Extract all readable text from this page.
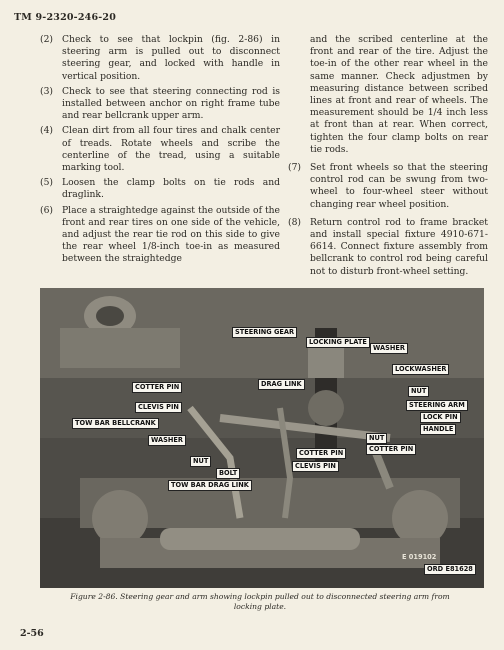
TM 9-2320-246-20
(2) Check to see that lockpin (fig. 2-86) in steering arm is pulled out to disconnect steering gear, and locked with handle in vertical position.
(3) Check to see that steering connecting rod is installed between anchor on right frame tube and rear bellcrank upper arm.
(4) Clean dirt from all four tires and chalk center of treads. Rotate wheels and scribe the centerline of the tread, using a suitable marking tool.
(5) Loosen the clamp bolts on tie rods and draglink.
(6) Place a straightedge against the outside of the front and rear tires on one side of the vehicle, and adjust the rear tie rod on this side to give the rear wheel 1/8-inch toe-in as measured between the straightedge
and the scribed centerline at the front and rear of the tire. Adjust the toe-in of the other rear wheel in the same manner. Check adjustmen by measuring distance between scribed lines at front and rear of wheels. The measurement should be 1/4 inch less at front than at rear. When correct, tighten the four clamp bolts on rear tie rods.
(7) Set front wheels so that the steering control rod can be swung from two-wheel to four-wheel steer without changing rear wheel position.
(8) Return control rod to frame bracket and install special fixture 4910-671-6614. Connect fixture assembly from bellcrank to control rod being careful not to disturb front-wheel setting.
STEERING GEAR
LOCKING PLATE
WASHER
LOCKWASHER
NUT
STEERING ARM
LOCK PIN
HANDLE
COTTER PIN
CLEVIS PIN
DRAG LINK
TOW BAR BELLCRANK
WASHER	NUT
COTTER PIN
COTTER PIN
CLEVIS PIN
NUT
BOLT
TOW BAR DRAG LINK
E 019102
ORD E81628
Figure 2-86. Steering gear and arm showing lockpin pulled out to disconnected steering arm from locking plate.
2-56
